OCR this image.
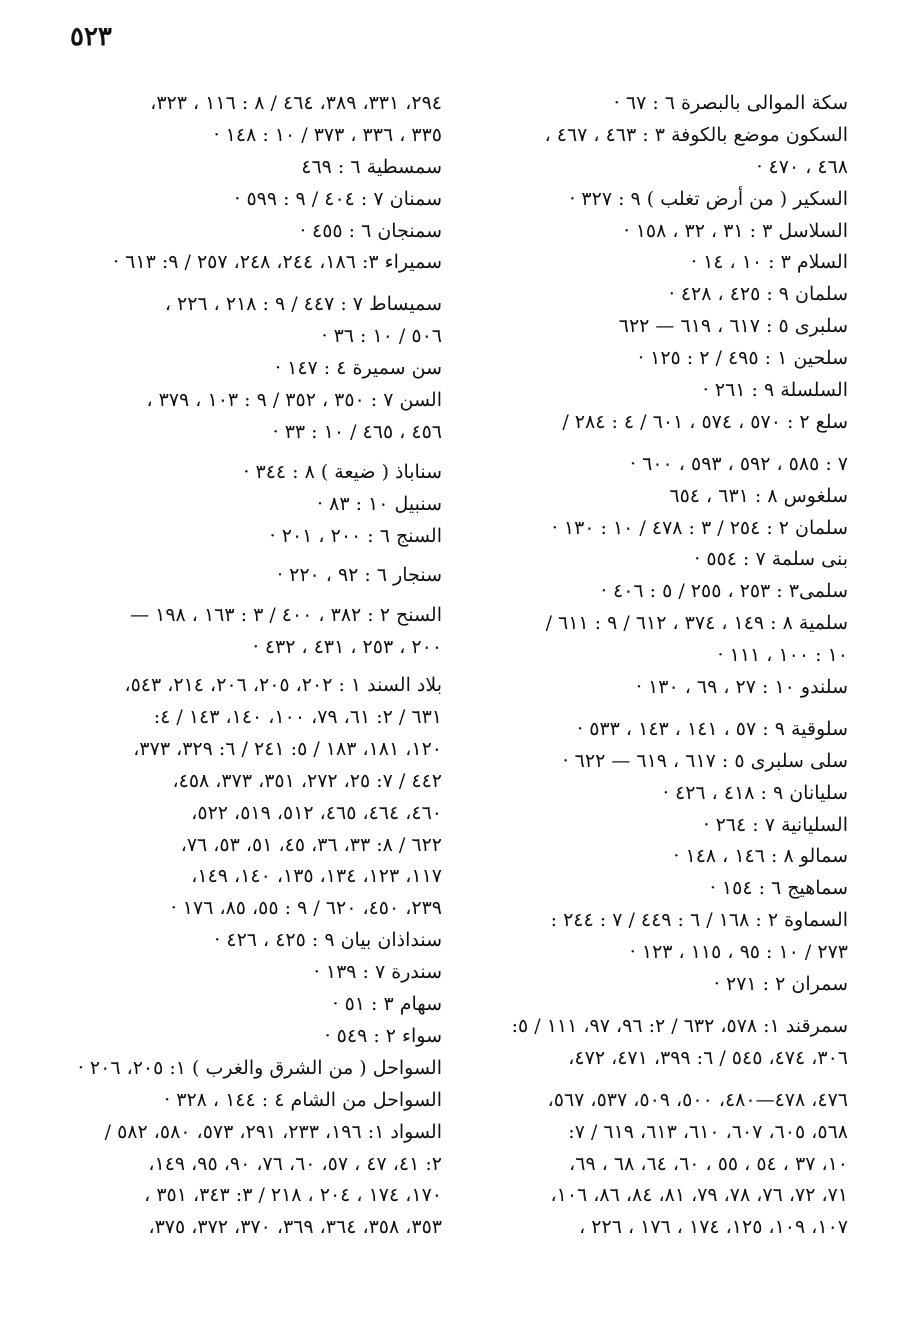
٥٢٣
سكة الموالى بالبصرة ٦ : ٦٧ ·
السكون موضع بالكوفة ٣ : ٤٦٣ ، ٤٦٧ ،
٤٦٨ ، ٤٧٠ ·
السكير ( من أرض تغلب ) ٩ : ٣٢٧ ·
السلاسل ٣ : ٣١ ، ٣٢ ، ١٥٨ ·
السلام ٣ : ١٠ ، ١٤ ·
سلمان ٩ : ٤٢٥ ، ٤٢٨ ·
سلبرى ٥ : ٦١٧ ، ٦١٩ — ٦٢٢
سلحين ١ : ٤٩٥ / ٢ : ١٢٥ ·
السلسلة ٩ : ٢٦١ ·
سلع ٢ : ٥٧٠ ، ٥٧٤ ، ٦٠١ / ٤ : ٢٨٤ /
٧ : ٥٨٥ ، ٥٩٢ ، ٥٩٣ ، ٦٠٠ ·
سلغوس ٨ : ٦٣١ ، ٦٥٤
سلمان ٢ : ٢٥٤ / ٣ : ٤٧٨ / ١٠ : ١٣٠ ·
بنى سلمة ٧ : ٥٥٤ ·
سلمى٣ : ٢٥٣ ، ٢٥٥ / ٥ : ٤٠٦ ·
سلمية ٨ : ١٤٩ ، ٣٧٤ ، ٦١٢ / ٩ : ٦١١ /
١٠ : ١٠٠ ، ١١١ ·
سلندو ١٠ : ٢٧ ، ٦٩ ، ١٣٠ ·
سلوقية ٩ : ٥٧ ، ١٤١ ، ١٤٣ ، ٥٣٣ ·
سلى سلبرى ٥ : ٦١٧ ، ٦١٩ — ٦٢٢ ·
سليانان ٩ : ٤١٨ ، ٤٢٦ ·
السليانية ٧ : ٢٦٤ ·
سمالو ٨ : ١٤٦ ، ١٤٨ ·
سماهيج ٦ : ١٥٤ ·
السماوة ٢ : ١٦٨ / ٦ : ٤٤٩ / ٧ : ٢٤٤ :
٢٧٣ / ١٠ : ٩٥ ، ١١٥ ، ١٢٣ ·
سمران ٢ : ٢٧١ ·
سمرقند ١: ٥٧٨، ٦٣٢ / ٢: ٩٦، ٩٧، ١١١ / ٥:
٣٠٦، ٤٧٤، ٥٤٥ / ٦: ٣٩٩، ٤٧١، ٤٧٢،
٤٧٦، ٤٧٨—٤٨٠، ٥٠٠، ٥٠٩، ٥٣٧، ٥٦٧،
٥٦٨، ٦٠٥، ٦٠٧، ٦١٠، ٦١٣، ٦١٩ / ٧:
١٠، ٣٧ ، ٥٤ ، ٥٥ ، ٦٠، ٦٤، ٦٨ ، ٦٩،
٧١، ٧٢، ٧٦، ٧٨، ٧٩، ٨١، ٨٤، ٨٦، ١٠٦،
١٠٧، ١٠٩، ١٢٥، ١٧٤ ، ١٧٦ ، ٢٢٦ ،
٢٩٤، ٣٣١، ٣٨٩، ٤٦٤ / ٨ : ١١٦ ، ٣٢٣،
٣٣٥ ، ٣٣٦ ، ٣٧٣ / ١٠ : ١٤٨ ·
سمسطية ٦ : ٤٦٩
سمنان ٧ : ٤٠٤ / ٩ : ٥٩٩ ·
سمنجان ٦ : ٤٥٥ ·
سميراء ٣: ١٨٦، ٢٤٤، ٢٤٨، ٢٥٧ / ٩: ٦١٣ ·
سميساط ٧ : ٤٤٧ / ٩ : ٢١٨ ، ٢٢٦ ،
٥٠٦ / ١٠ : ٣٦ ·
سن سميرة ٤ : ١٤٧ ·
السن ٧ : ٣٥٠ ، ٣٥٢ / ٩ : ١٠٣ ، ٣٧٩ ،
٤٥٦ ، ٤٦٥ / ١٠ : ٣٣ ·
سناباذ ( ضيعة ) ٨ : ٣٤٤ ·
سنبيل ١٠ : ٨٣ ·
السنج ٦ : ٢٠٠ ، ٢٠١ ·
سنجار ٦ : ٩٢ ، ٢٢٠ ·
السنح ٢ : ٣٨٢ ، ٤٠٠ / ٣ : ١٦٣ ، ١٩٨ —
٢٠٠ ، ٢٥٣ ، ٤٣١ ، ٤٣٢ ·
بلاد السند ١ : ٢٠٢، ٢٠٥، ٢٠٦، ٢١٤، ٥٤٣،
٦٣١ / ٢: ٦١، ٧٩، ١٠٠، ١٤٠، ١٤٣ / ٤:
١٢٠، ١٨١، ١٨٣ / ٥: ٢٤١ / ٦: ٣٢٩، ٣٧٣،
٤٤٢ / ٧: ٢٥، ٢٧٢، ٣٥١، ٣٧٣، ٤٥٨،
٤٦٠، ٤٦٤، ٤٦٥، ٥١٢، ٥١٩، ٥٢٢،
٦٢٢ / ٨: ٣٣، ٣٦، ٤٥، ٥١، ٥٣، ٧٦،
١١٧، ١٢٣، ١٣٤، ١٣٥، ١٤٠، ١٤٩،
٢٣٩، ٤٥٠، ٦٢٠ / ٩ : ٥٥، ٨٥، ١٧٦ ·
سنداذان بيان ٩ : ٤٢٥ ، ٤٢٦ ·
سندرة ٧ : ١٣٩ ·
سهام ٣ : ٥١ ·
سواء ٢ : ٥٤٩ ·
السواحل ( من الشرق والغرب ) ١: ٢٠٥، ٢٠٦ ·
السواحل من الشام ٤ : ١٤٤ ، ٣٢٨ ·
السواد ١: ١٩٦، ٢٣٣، ٢٩١، ٥٧٣، ٥٨٠، ٥٨٢ /
٢: ٤١، ٤٧ ، ٥٧، ٦٠، ٧٦، ٩٠، ٩٥، ١٤٩،
١٧٠، ١٧٤ ، ٢٠٤ ، ٢١٨ / ٣: ٣٤٣، ٣٥١ ،
٣٥٣، ٣٥٨، ٣٦٤، ٣٦٩، ٣٧٠، ٣٧٢، ٣٧٥،
